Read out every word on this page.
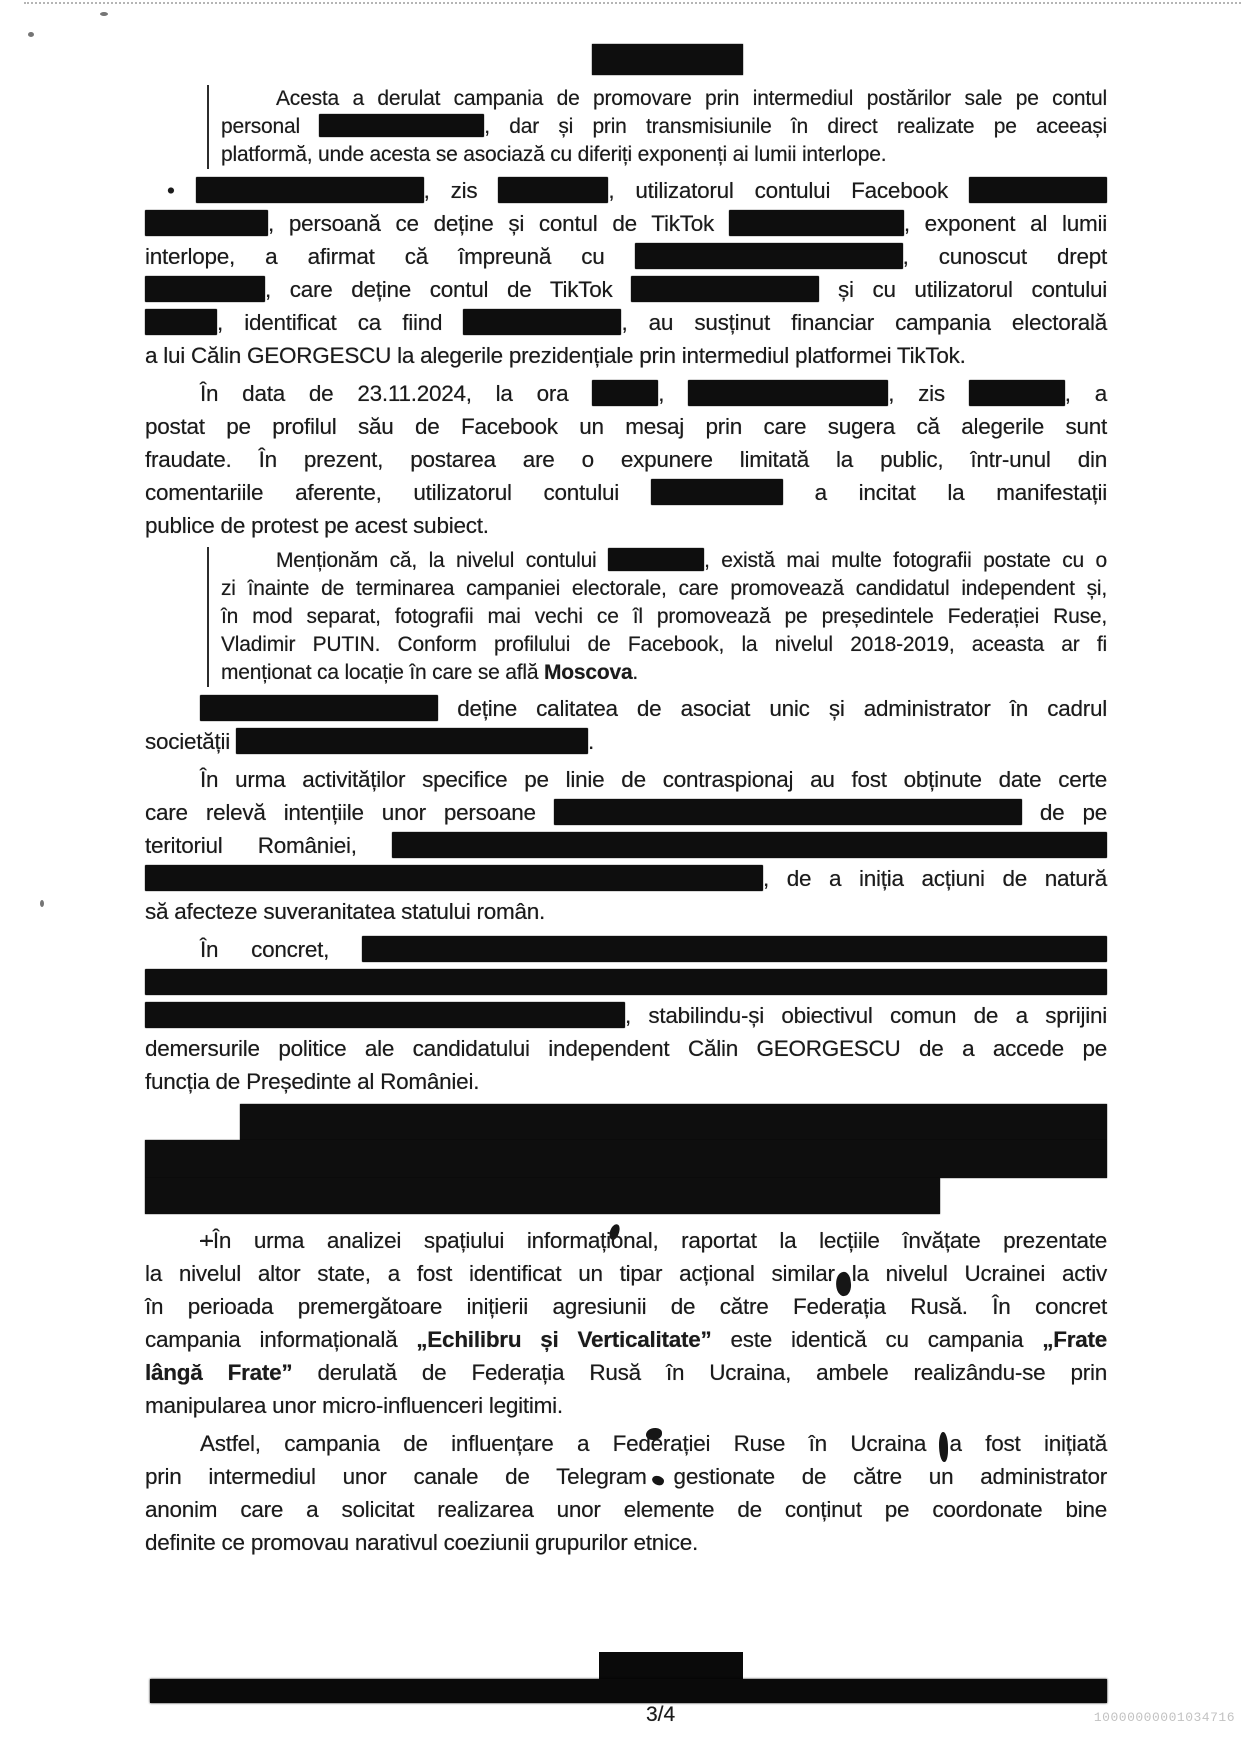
Acesta a derulat campania de promovare prin intermediul postărilor sale pe contul
personal	, dar și prin transmisiunile în direct realizate pe aceeași
platformă, unde acesta se asociază cu diferiți exponenți ai lumii interlope.
•	, zis	, utilizatorul contului Facebook
, persoană ce deține și contul de TikTok	, exponent al lumii
interlope, a afirmat că împreună cu	, cunoscut drept
, care deține contul de TikTok	și cu utilizatorul contului
, identificat ca fiind	, au susținut financiar campania electorală
a lui Călin GEORGESCU la alegerile prezidențiale prin intermediul platformei TikTok.
În data de 23.11.2024, la ora	,	, zis	, a
postat pe profilul său de Facebook un mesaj prin care sugera că alegerile sunt
fraudate. În prezent, postarea are o expunere limitată la public, într-unul din
comentariile aferente, utilizatorul contului	a incitat la manifestații
publice de protest pe acest subiect.
Menționăm că, la nivelul contului	, există mai multe fotografii postate cu o
zi înainte de terminarea campaniei electorale, care promovează candidatul independent și,
în mod separat, fotografii mai vechi ce îl promovează pe președintele Federației Ruse,
Vladimir PUTIN. Conform profilului de Facebook, la nivelul 2018-2019, aceasta ar fi
menționat ca locație în care se află Moscova.
deține calitatea de asociat unic și administrator în cadrul
societății	.
În urma activităților specifice pe linie de contraspionaj au fost obținute date certe
care relevă intențiile unor persoane	de pe
teritoriul României,
, de a iniția acțiuni de natură
să afecteze suveranitatea statului român.
În concret,
, stabilindu-și obiectivul comun de a sprijini
demersurile politice ale candidatului independent Călin GEORGESCU de a accede pe
funcția de Președinte al României.
+În urma analizei spațiului informațional, raportat la lecțiile învățate prezentate
la nivelul altor state, a fost identificat un tipar acțional similar la nivelul Ucrainei activ
în perioada premergătoare inițierii agresiunii de către Federația Rusă. În concret
campania informațională „Echilibru și Verticalitate” este identică cu campania „Frate
lângă Frate” derulată de Federația Rusă în Ucraina, ambele realizându-se prin
manipularea unor micro-influenceri legitimi.
Astfel, campania de influențare a Federației Ruse în Ucraina a fost inițiată
prin intermediul unor canale de Telegram gestionate de către un administrator
anonim care a solicitat realizarea unor elemente de conținut pe coordonate bine
definite ce promovau narativul coeziunii grupurilor etnice.
3/4	10000000001034716
